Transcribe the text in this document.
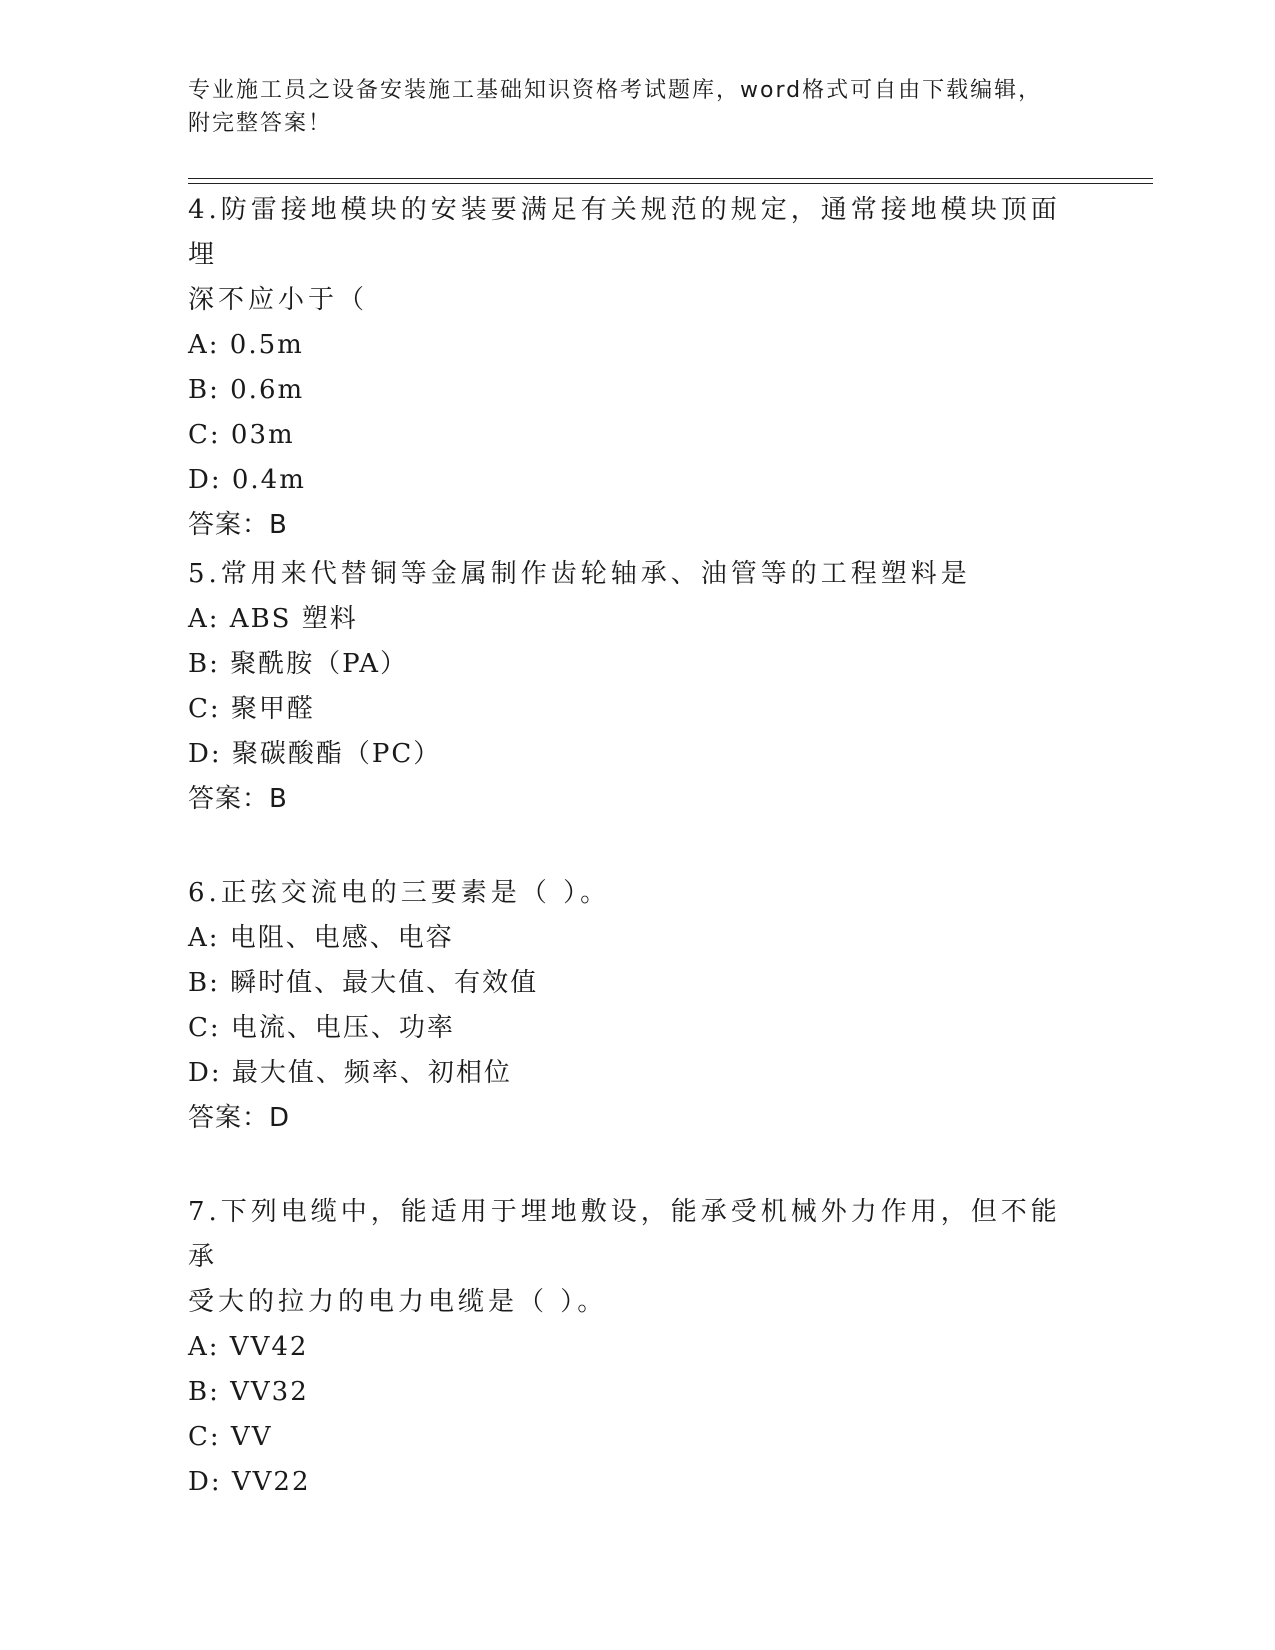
专业施工员之设备安装施工基础知识资格考试题库，word格式可自由下载编辑，
附完整答案！

4.防雷接地模块的安装要满足有关规范的规定，通常接地模块顶面埋

深不应小于（

A: 0.5m

B: 0.6m

C: 03m

D: 0.4m

答案：B

5.常用来代替铜等金属制作齿轮轴承、油管等的工程塑料是

A: ABS 塑料

B: 聚酰胺（PA）

C: 聚甲醛

D: 聚碳酸酯（PC）

答案：B

6.正弦交流电的三要素是（ ）。

A: 电阻、电感、电容

B: 瞬时值、最大值、有效值

C: 电流、电压、功率

D: 最大值、频率、初相位

答案：D

7.下列电缆中，能适用于埋地敷设，能承受机械外力作用，但不能承

受大的拉力的电力电缆是（ ）。

A: VV42

B: VV32

C: VV

D: VV22
